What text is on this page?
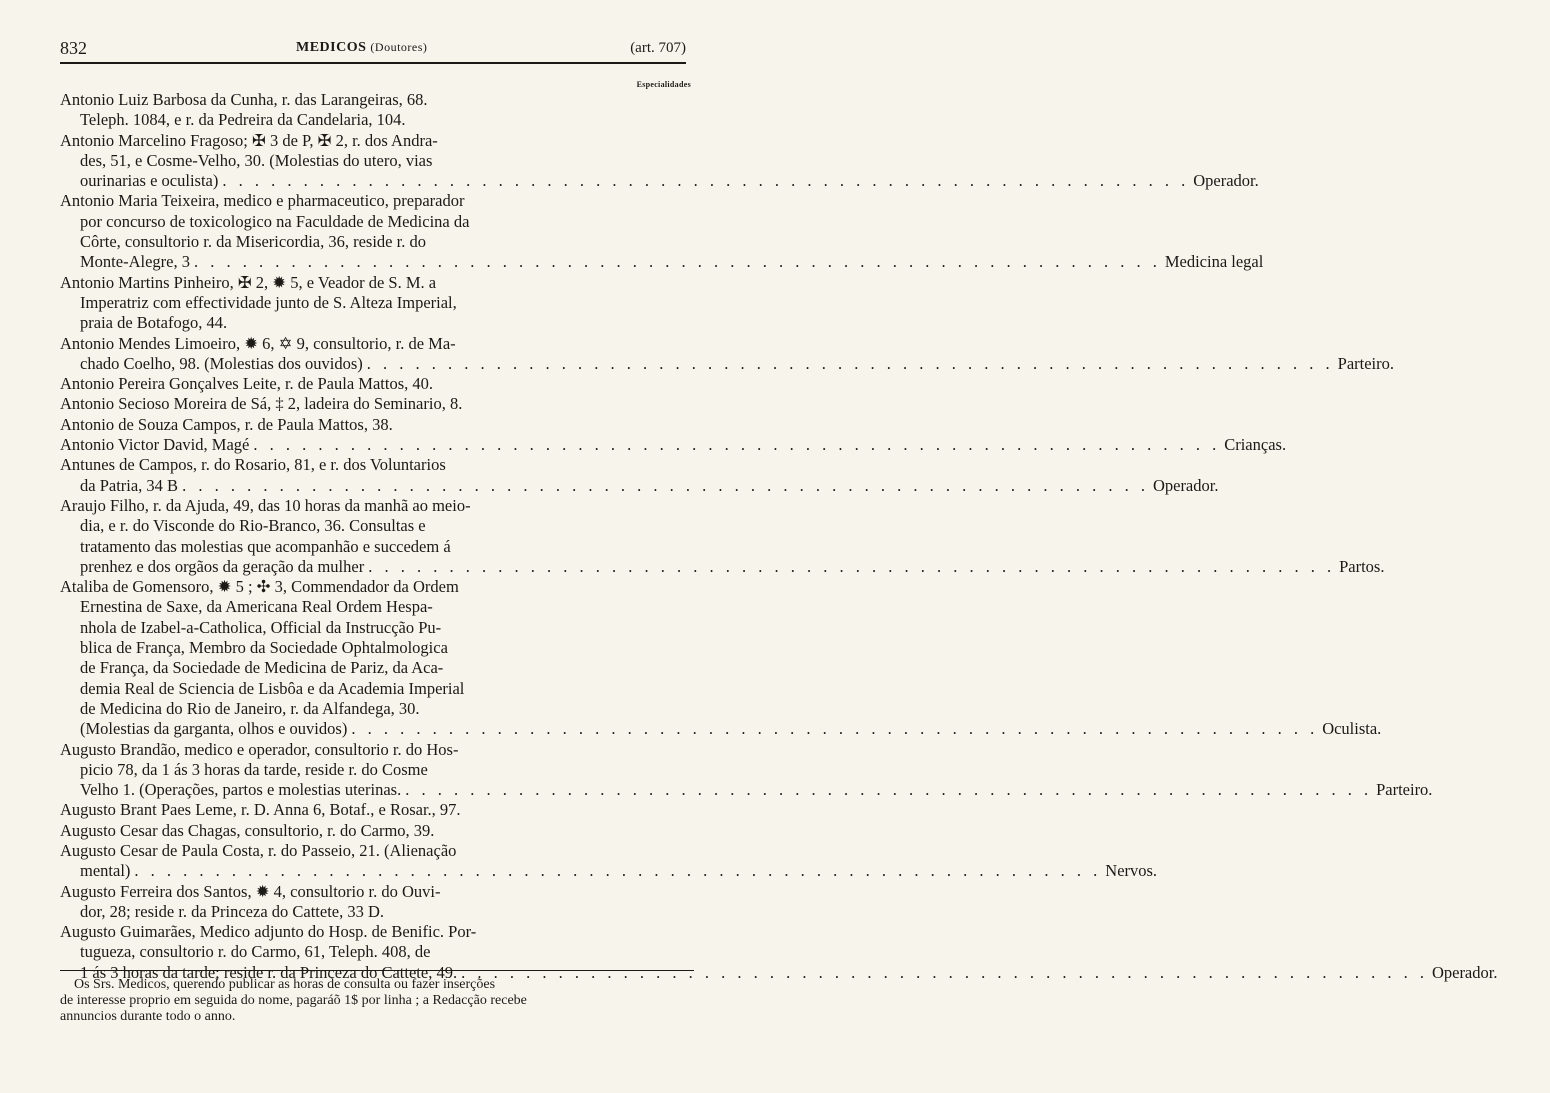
832	MEDICOS (Doutores)	(art. 707)
Especialidades
Antonio Luiz Barbosa da Cunha, r. das Larangeiras, 68.
Teleph. 1084, e r. da Pedreira da Candelaria, 104.
Antonio Marcelino Fragoso; ✠ 3 de P, ✠ 2, r. dos Andra-
des, 51, e Cosme-Velho, 30. (Molestias do utero, vias
ourinarias e oculista) . . . . . . . . . . . . . . . . . . . . . . . . . . . . . . . . . . . . . . . . . . . . . . . . . . . . . . . . . . . . Operador.
Antonio Maria Teixeira, medico e pharmaceutico, preparador
por concurso de toxicologico na Faculdade de Medicina da
Côrte, consultorio r. da Misericordia, 36, reside r. do
Monte-Alegre, 3 . . . . . . . . . . . . . . . . . . . . . . . . . . . . . . . . . . . . . . . . . . . . . . . . . . . . . . . . . . . . Medicina legal
Antonio Martins Pinheiro, ✠ 2, ✹ 5, e Veador de S. M. a
Imperatriz com effectividade junto de S. Alteza Imperial,
praia de Botafogo, 44.
Antonio Mendes Limoeiro, ✹ 6, ✡ 9, consultorio, r. de Ma-
chado Coelho, 98. (Molestias dos ouvidos) . . . . . . . . . . . . . . . . . . . . . . . . . . . . . . . . . . . . . . . . . . . . . . . . . . . . . . . . . . . . Parteiro.
Antonio Pereira Gonçalves Leite, r. de Paula Mattos, 40.
Antonio Secioso Moreira de Sá, ‡ 2, ladeira do Seminario, 8.
Antonio de Souza Campos, r. de Paula Mattos, 38.
Antonio Victor David, Magé . . . . . . . . . . . . . . . . . . . . . . . . . . . . . . . . . . . . . . . . . . . . . . . . . . . . . . . . . . . . Crianças.
Antunes de Campos, r. do Rosario, 81, e r. dos Voluntarios
da Patria, 34 B . . . . . . . . . . . . . . . . . . . . . . . . . . . . . . . . . . . . . . . . . . . . . . . . . . . . . . . . . . . . Operador.
Araujo Filho, r. da Ajuda, 49, das 10 horas da manhã ao meio-
dia, e r. do Visconde do Rio-Branco, 36. Consultas e
tratamento das molestias que acompanhão e succedem á
prenhez e dos orgãos da geração da mulher . . . . . . . . . . . . . . . . . . . . . . . . . . . . . . . . . . . . . . . . . . . . . . . . . . . . . . . . . . . . Partos.
Ataliba de Gomensoro, ✹ 5 ; ✣ 3, Commendador da Ordem
Ernestina de Saxe, da Americana Real Ordem Hespa-
nhola de Izabel-a-Catholica, Official da Instrucção Pu-
blica de França, Membro da Sociedade Ophtalmologica
de França, da Sociedade de Medicina de Pariz, da Aca-
demia Real de Sciencia de Lisbôa e da Academia Imperial
de Medicina do Rio de Janeiro, r. da Alfandega, 30.
(Molestias da garganta, olhos e ouvidos) . . . . . . . . . . . . . . . . . . . . . . . . . . . . . . . . . . . . . . . . . . . . . . . . . . . . . . . . . . . . Oculista.
Augusto Brandão, medico e operador, consultorio r. do Hos-
picio 78, da 1 ás 3 horas da tarde, reside r. do Cosme
Velho 1. (Operações, partos e molestias uterinas. . . . . . . . . . . . . . . . . . . . . . . . . . . . . . . . . . . . . . . . . . . . . . . . . . . . . . . . . . . . . Parteiro.
Augusto Brant Paes Leme, r. D. Anna 6, Botaf., e Rosar., 97.
Augusto Cesar das Chagas, consultorio, r. do Carmo, 39.
Augusto Cesar de Paula Costa, r. do Passeio, 21. (Alienação
mental) . . . . . . . . . . . . . . . . . . . . . . . . . . . . . . . . . . . . . . . . . . . . . . . . . . . . . . . . . . . . Nervos.
Augusto Ferreira dos Santos, ✹ 4, consultorio r. do Ouvi-
dor, 28; reside r. da Princeza do Cattete, 33 D.
Augusto Guimarães, Medico adjunto do Hosp. de Benific. Por-
tugueza, consultorio r. do Carmo, 61, Teleph. 408, de
1 ás 3 horas da tarde; reside r. da Princeza do Cattete, 49. . . . . . . . . . . . . . . . . . . . . . . . . . . . . . . . . . . . . . . . . . . . . . . . . . . . . . . . . . . . . Operador.
Os Srs. Medicos, querendo publicar as horas de consulta ou fazer inserções
de interesse proprio em seguida do nome, pagaráõ 1$ por linha ; a Redacção recebe
annuncios durante todo o anno.
